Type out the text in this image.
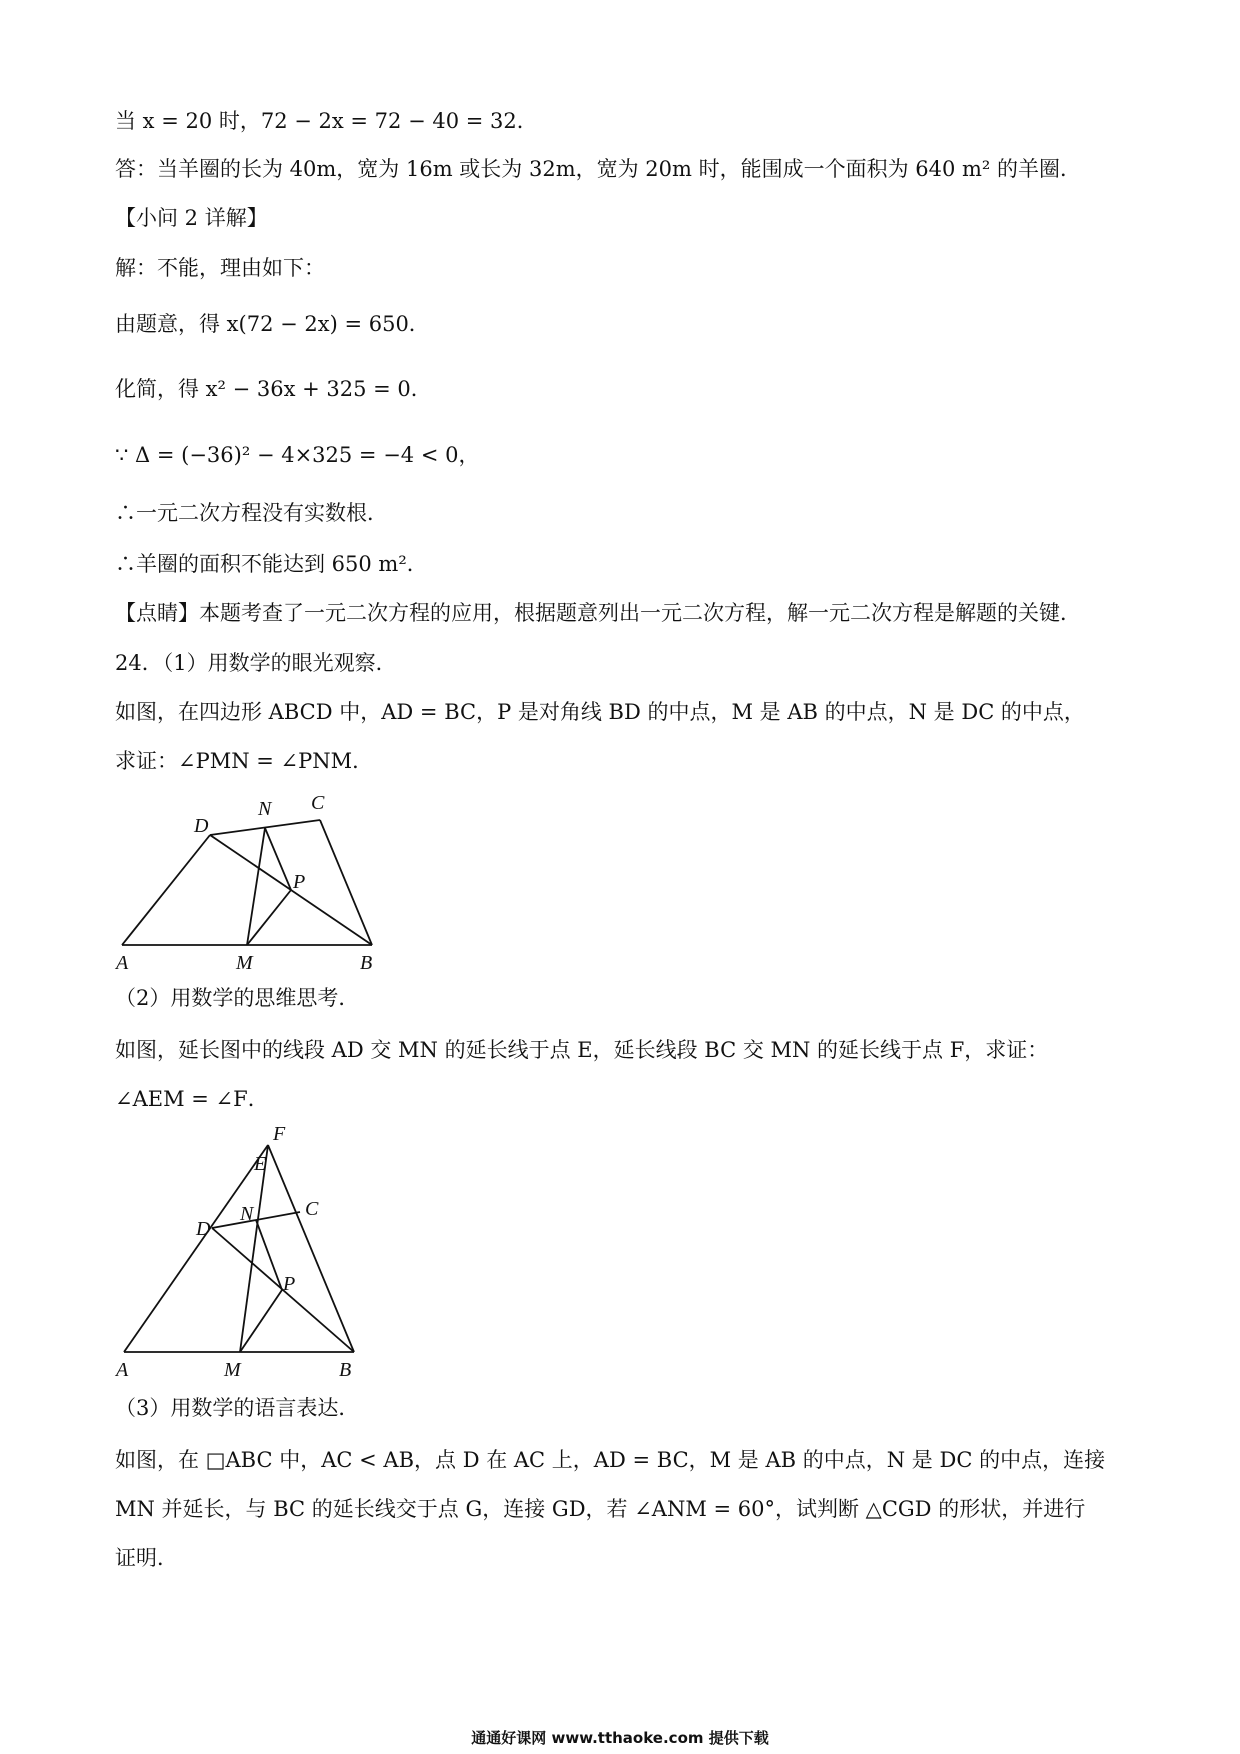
当 x = 20 时，72 − 2x = 72 − 40 = 32．
答：当羊圈的长为 40m，宽为 16m 或长为 32m，宽为 20m 时，能围成一个面积为 640 m² 的羊圈．
【小问 2 详解】
解：不能，理由如下：
由题意，得 x(72 − 2x) = 650．
化简，得 x² − 36x + 325 = 0．
∵ Δ = (−36)² − 4×325 = −4 < 0，
∴一元二次方程没有实数根．
∴羊圈的面积不能达到 650 m²．
【点睛】本题考查了一元二次方程的应用，根据题意列出一元二次方程，解一元二次方程是解题的关键．
24．（1）用数学的眼光观察．
如图，在四边形 ABCD 中，AD = BC，P 是对角线 BD 的中点，M 是 AB 的中点，N 是 DC 的中点，
求证：∠PMN = ∠PNM．
D
N C
P
A	M	B
（2）用数学的思维思考．
如图，延长图中的线段 AD 交 MN 的延长线于点 E，延长线段 BC 交 MN 的延长线于点 F，求证：
∠AEM = ∠F．
F
E
C
N
D
P
A	M	B
（3）用数学的语言表达．
如图，在 □ABC 中，AC < AB，点 D 在 AC 上，AD = BC，M 是 AB 的中点，N 是 DC 的中点，连接
MN 并延长，与 BC 的延长线交于点 G，连接 GD，若 ∠ANM = 60°，试判断 △CGD 的形状，并进行
证明．
通通好课网 www.tthaoke.com 提供下载
